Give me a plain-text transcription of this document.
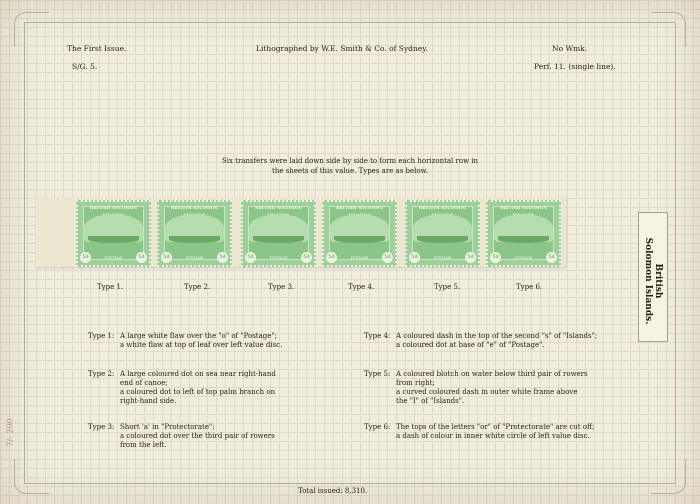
The First Issue.	Lithographed by W.E. Smith & Co. of Sydney.	No Wmk.
S/G. 5.	Perf. 11. (single line).
Six transfers were laid down side by side to form each horizontal row in
the sheets of this value. Types are as below.
BRITISH SOLOMON
5d	POSTAGE	5d
BRITISH SOLOMON
5d	POSTAGE	5d
BRITISH SOLOMON
5d	POSTAGE	5d
BRITISH SOLOMON
5d	POSTAGE	5d
BRITISH SOLOMON
5d	POSTAGE	5d
BRITISH SOLOMON
5d	POSTAGE	5d
Type 1.	Type 2.	Type 3.	Type 4.	Type 5.	Type 6.	British
Solomon Islands.
Type 1: A large white flaw over the "o" of "Postage";
a white flaw at top of leaf over left value disc.
Type 2: A large coloured dot on sea near right-hand
end of canoe;
a coloured dot to left of top palm branch on
right-hand side.
Type 3: Short 'a' in "Protectorate";
a coloured dot over the third pair of rowers
from the left.
Type 4: A coloured dash in the top of the second "s" of "Islands";
a coloured dot at base of "e" of "Postage".
Type 5: A coloured blotch on water below third pair of rowers
from right;
a curved coloured dash in outer white frame above
the "I" of "Islands".
Type 6: The tops of the letters "or" of "Protectorate" are cut off;
a dash of colour in inner white circle of left value disc.
Total issued: 8,310.
7/- 200
